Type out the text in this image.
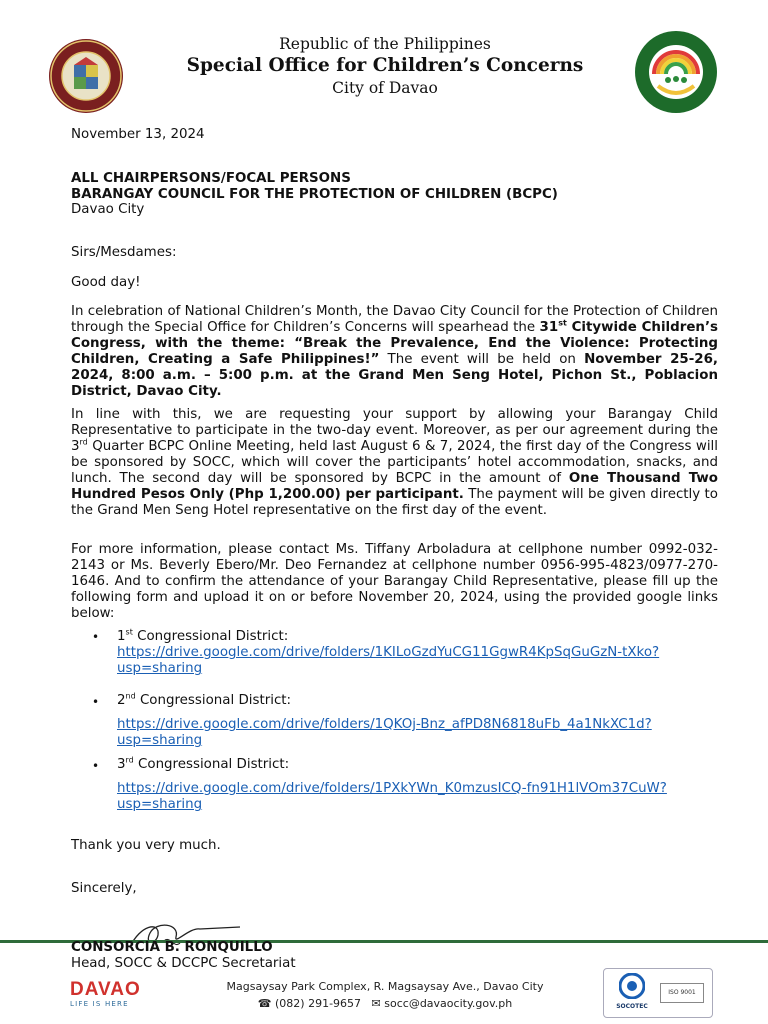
Republic of the Philippines
Special Office for Children’s Concerns
City of Davao
November 13, 2024
ALL CHAIRPERSONS/FOCAL PERSONS
BARANGAY COUNCIL FOR THE PROTECTION OF CHILDREN (BCPC)
Davao City
Sirs/Mesdames:
Good day!

In celebration of National Children’s Month, the Davao City Council for the Protection of Children through the Special Office for Children’s Concerns will spearhead the 31st Citywide Children’s Congress, with the theme: “Break the Prevalence, End the Violence: Protecting Children, Creating a Safe Philippines!” The event will be held on November 25-26, 2024, 8:00 a.m. – 5:00 p.m. at the Grand Men Seng Hotel, Pichon St., Poblacion District, Davao City.

In line with this, we are requesting your support by allowing your Barangay Child Representative to participate in the two-day event. Moreover, as per our agreement during the 3rd Quarter BCPC Online Meeting, held last August 6 & 7, 2024, the first day of the Congress will be sponsored by SOCC, which will cover the participants’ hotel accommodation, snacks, and lunch. The second day will be sponsored by BCPC in the amount of One Thousand Two Hundred Pesos Only (Php 1,200.00) per participant. The payment will be given directly to the Grand Men Seng Hotel representative on the first day of the event.

For more information, please contact Ms. Tiffany Arboladura at cellphone number 0992-032-2143 or Ms. Beverly Ebero/Mr. Deo Fernandez at cellphone number 0956-995-4823/0977-270-1646. And to confirm the attendance of your Barangay Child Representative, please fill up the following form and upload it on or before November 20, 2024, using the provided google links below:

• 1st Congressional District:
https://drive.google.com/drive/folders/1KILoGzdYuCG11GgwR4KpSqGuGzN-tXko?
usp=sharing
• 2nd Congressional District:
https://drive.google.com/drive/folders/1QKOj-Bnz_afPD8N6818uFb_4a1NkXC1d?
usp=sharing
• 3rd Congressional District:
https://drive.google.com/drive/folders/1PXkYWn_K0mzusICQ-fn91H1lVOm37CuW?
usp=sharing
Thank you very much.
Sincerely,
CONSORCIA B. RONQUILLO
Head, SOCC & DCCPC Secretariat
DAVAO
LIFE IS HERE
Magsaysay Park Complex, R. Magsaysay Ave., Davao City
☎ (082) 291-9657 ✉ socc@davaocity.gov.ph	SOCOTEC
ISO 9001
